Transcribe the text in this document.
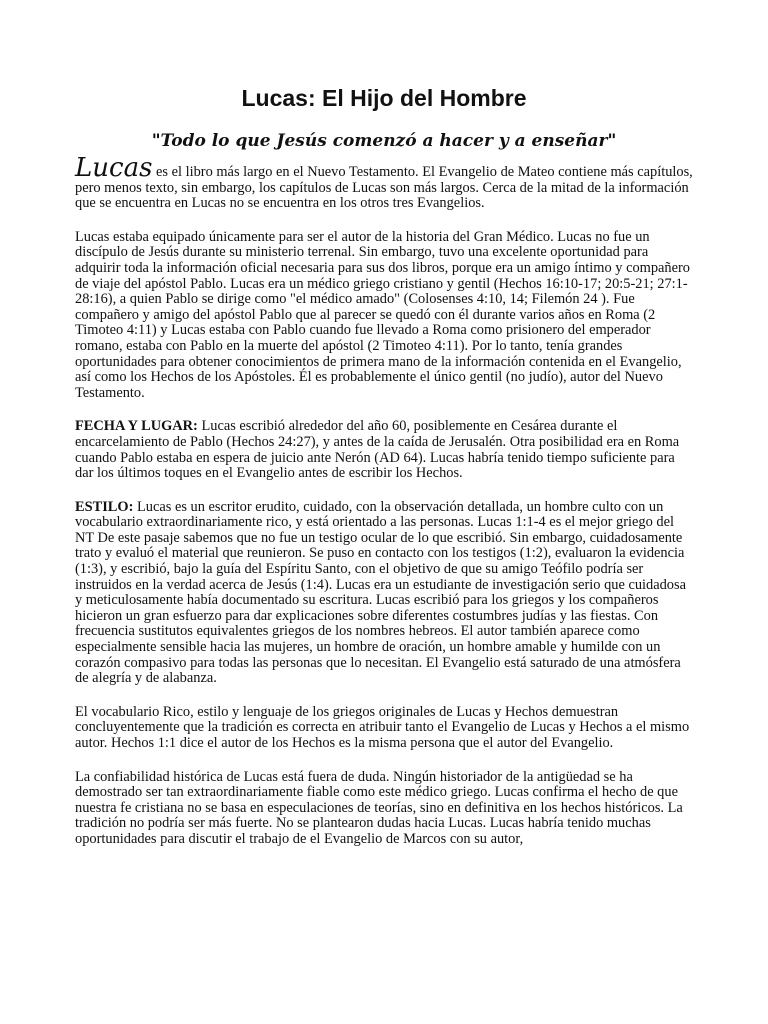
Lucas: El Hijo del Hombre
"Todo lo que Jesús comenzó a hacer y a enseñar"

Lucas es el libro más largo en el Nuevo Testamento. El Evangelio de Mateo contiene más capítulos, pero menos texto, sin embargo, los capítulos de Lucas son más largos. Cerca de la mitad de la información que se encuentra en Lucas no se encuentra en los otros tres Evangelios.

Lucas estaba equipado únicamente para ser el autor de la historia del Gran Médico. Lucas no fue un discípulo de Jesús durante su ministerio terrenal. Sin embargo, tuvo una excelente oportunidad para adquirir toda la información oficial necesaria para sus dos libros, porque era un amigo íntimo y compañero de viaje del apóstol Pablo. Lucas era un médico griego cristiano y gentil (Hechos 16:10-17; 20:5-21; 27:1-28:16), a quien Pablo se dirige como "el médico amado" (Colosenses 4:10, 14; Filemón 24 ). Fue compañero y amigo del apóstol Pablo que al parecer se quedó con él durante varios años en Roma (2 Timoteo 4:11) y Lucas estaba con Pablo cuando fue llevado a Roma como prisionero del emperador romano, estaba con Pablo en la muerte del apóstol (2 Timoteo 4:11). Por lo tanto, tenía grandes oportunidades para obtener conocimientos de primera mano de la información contenida en el Evangelio, así como los Hechos de los Apóstoles. Él es probablemente el único gentil (no judío), autor del Nuevo Testamento.

FECHA Y LUGAR: Lucas escribió alrededor del año 60, posiblemente en Cesárea durante el encarcelamiento de Pablo (Hechos 24:27), y antes de la caída de Jerusalén. Otra posibilidad era en Roma cuando Pablo estaba en espera de juicio ante Nerón (AD 64). Lucas habría tenido tiempo suficiente para dar los últimos toques en el Evangelio antes de escribir los Hechos.

ESTILO: Lucas es un escritor erudito, cuidado, con la observación detallada, un hombre culto con un vocabulario extraordinariamente rico, y está orientado a las personas. Lucas 1:1-4 es el mejor griego del NT De este pasaje sabemos que no fue un testigo ocular de lo que escribió. Sin embargo, cuidadosamente trato y evaluó el material que reunieron. Se puso en contacto con los testigos (1:2), evaluaron la evidencia (1:3), y escribió, bajo la guía del Espíritu Santo, con el objetivo de que su amigo Teófilo podría ser instruidos en la verdad acerca de Jesús (1:4). Lucas era un estudiante de investigación serio que cuidadosa y meticulosamente había documentado su escritura. Lucas escribió para los griegos y los compañeros hicieron un gran esfuerzo para dar explicaciones sobre diferentes costumbres judías y las fiestas. Con frecuencia sustitutos equivalentes griegos de los nombres hebreos. El autor también aparece como especialmente sensible hacia las mujeres, un hombre de oración, un hombre amable y humilde con un corazón compasivo para todas las personas que lo necesitan. El Evangelio está saturado de una atmósfera de alegría y de alabanza.

El vocabulario Rico, estilo y lenguaje de los griegos originales de Lucas y Hechos demuestran concluyentemente que la tradición es correcta en atribuir tanto el Evangelio de Lucas y Hechos a el mismo autor. Hechos 1:1 dice el autor de los Hechos es la misma persona que el autor del Evangelio.

La confiabilidad histórica de Lucas está fuera de duda. Ningún historiador de la antigüedad se ha demostrado ser tan extraordinariamente fiable como este médico griego. Lucas confirma el hecho de que nuestra fe cristiana no se basa en especulaciones de teorías, sino en definitiva en los hechos históricos. La tradición no podría ser más fuerte. No se plantearon dudas hacia Lucas. Lucas habría tenido muchas oportunidades para discutir el trabajo de el Evangelio de Marcos con su autor,
